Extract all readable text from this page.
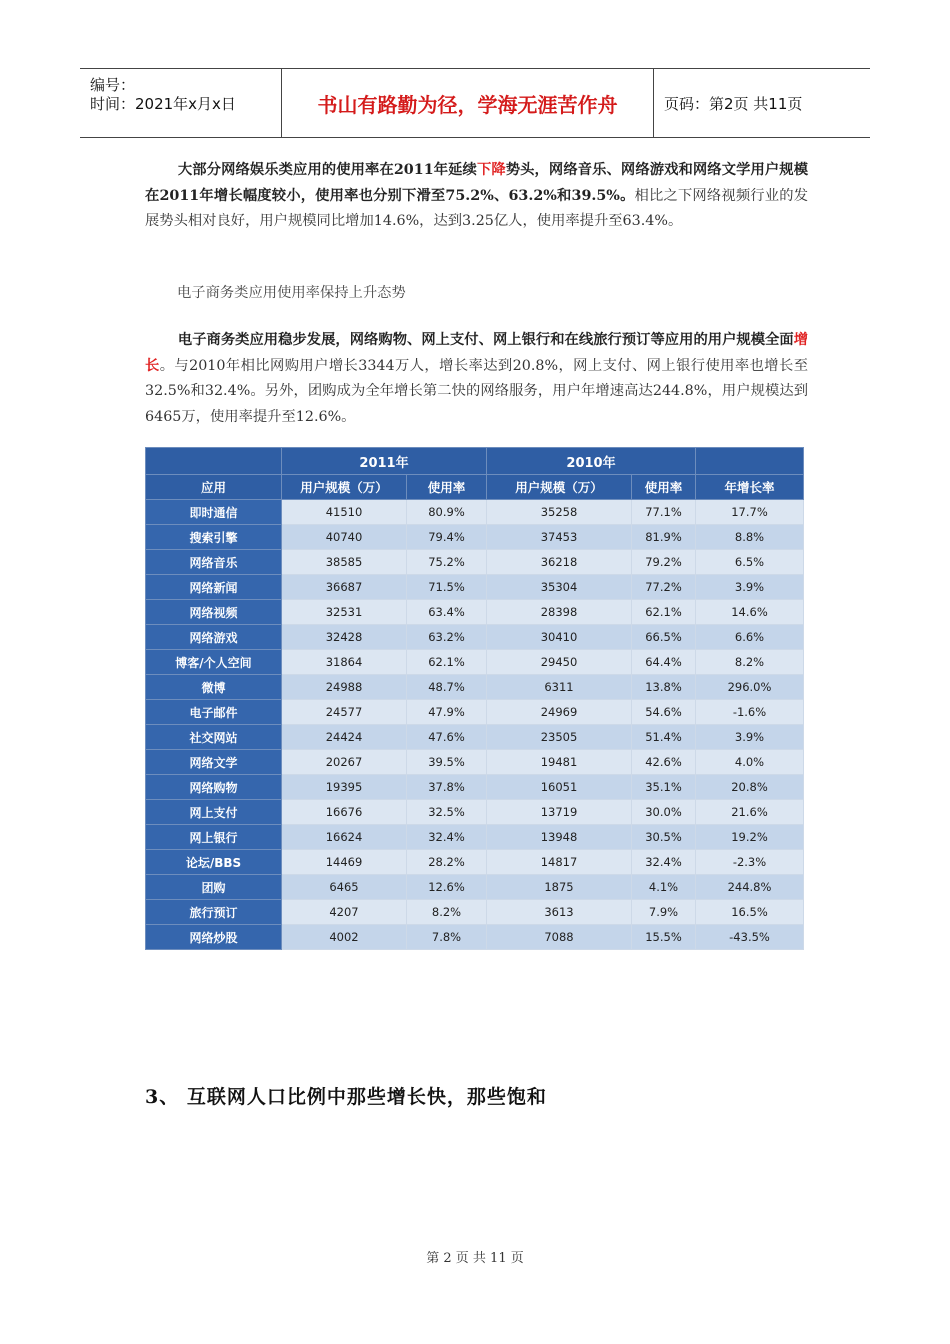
编号：
时间：2021年x月x日	书山有路勤为径，学海无涯苦作舟	页码：第2页 共11页
大部分网络娱乐类应用的使用率在2011年延续下降势头，网络音乐、网络游戏和网络文学用户规模在2011年增长幅度较小，使用率也分别下滑至75.2%、63.2%和39.5%。相比之下网络视频行业的发展势头相对良好，用户规模同比增加14.6%，达到3.25亿人，使用率提升至63.4%。
电子商务类应用使用率保持上升态势
电子商务类应用稳步发展，网络购物、网上支付、网上银行和在线旅行预订等应用的用户规模全面增长。与2010年相比网购用户增长3344万人，增长率达到20.8%，网上支付、网上银行使用率也增长至32.5%和32.4%。另外，团购成为全年增长第二快的网络服务，用户年增速高达244.8%，用户规模达到6465万，使用率提升至12.6%。
	2011年		2010年		
应用	用户规模（万）	使用率	用户规模（万）	使用率	年增长率
即时通信	41510	80.9%	35258	77.1%	17.7%
搜索引擎	40740	79.4%	37453	81.9%	8.8%
网络音乐	38585	75.2%	36218	79.2%	6.5%
网络新闻	36687	71.5%	35304	77.2%	3.9%
网络视频	32531	63.4%	28398	62.1%	14.6%
网络游戏	32428	63.2%	30410	66.5%	6.6%
博客/个人空间	31864	62.1%	29450	64.4%	8.2%
微博	24988	48.7%	6311	13.8%	296.0%
电子邮件	24577	47.9%	24969	54.6%	-1.6%
社交网站	24424	47.6%	23505	51.4%	3.9%
网络文学	20267	39.5%	19481	42.6%	4.0%
网络购物	19395	37.8%	16051	35.1%	20.8%
网上支付	16676	32.5%	13719	30.0%	21.6%
网上银行	16624	32.4%	13948	30.5%	19.2%
论坛/BBS	14469	28.2%	14817	32.4%	-2.3%
团购	6465	12.6%	1875	4.1%	244.8%
旅行预订	4207	8.2%	3613	7.9%	16.5%
网络炒股	4002	7.8%	7088	15.5%	-43.5%
3、 互联网人口比例中那些增长快，那些饱和
第 2 页 共 11 页
